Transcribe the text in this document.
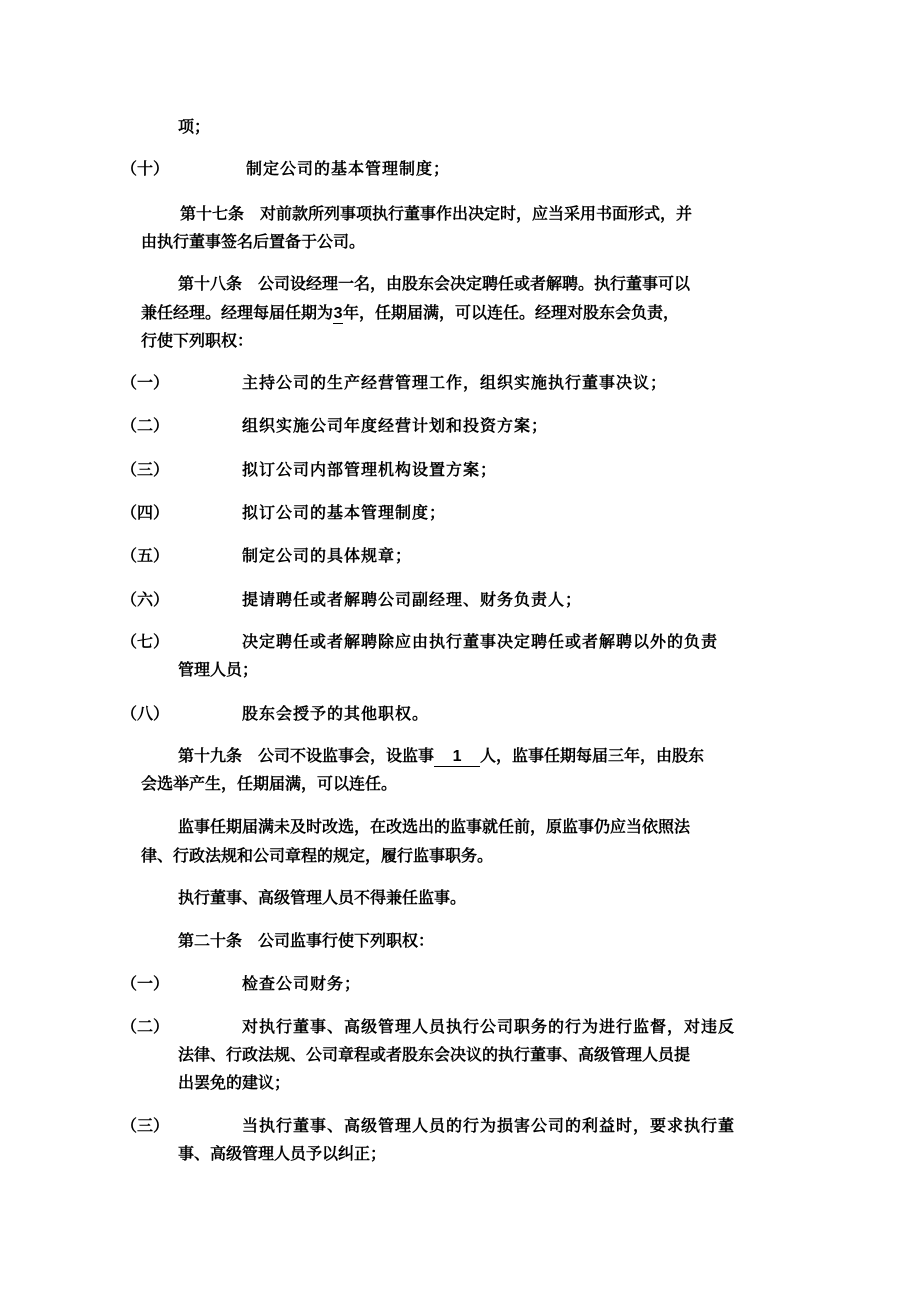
项；
（十）	制定公司的基本管理制度；
第十七条　对前款所列事项执行董事作出决定时，应当采用书面形式，并
由执行董事签名后置备于公司。
第十八条　公司设经理一名，由股东会决定聘任或者解聘。执行董事可以
兼任经理。经理每届任期为3年，任期届满，可以连任。经理对股东会负责，
行使下列职权：
（一）	主持公司的生产经营管理工作，组织实施执行董事决议；
（二）	组织实施公司年度经营计划和投资方案；
（三）	拟订公司内部管理机构设置方案；
（四）	拟订公司的基本管理制度；
（五）	制定公司的具体规章；
（六）	提请聘任或者解聘公司副经理、财务负责人；
（七）	决定聘任或者解聘除应由执行董事决定聘任或者解聘以外的负责
管理人员；
（八）	股东会授予的其他职权。
第十九条　公司不设监事会，设监事 1 人，监事任期每届三年，由股东
会选举产生，任期届满，可以连任。
监事任期届满未及时改选，在改选出的监事就任前，原监事仍应当依照法
律、行政法规和公司章程的规定，履行监事职务。
执行董事、高级管理人员不得兼任监事。
第二十条　公司监事行使下列职权：
（一）	检查公司财务；
（二）	对执行董事、高级管理人员执行公司职务的行为进行监督，对违反
法律、行政法规、公司章程或者股东会决议的执行董事、高级管理人员提
出罢免的建议；
（三）	当执行董事、高级管理人员的行为损害公司的利益时，要求执行董
事、高级管理人员予以纠正；
